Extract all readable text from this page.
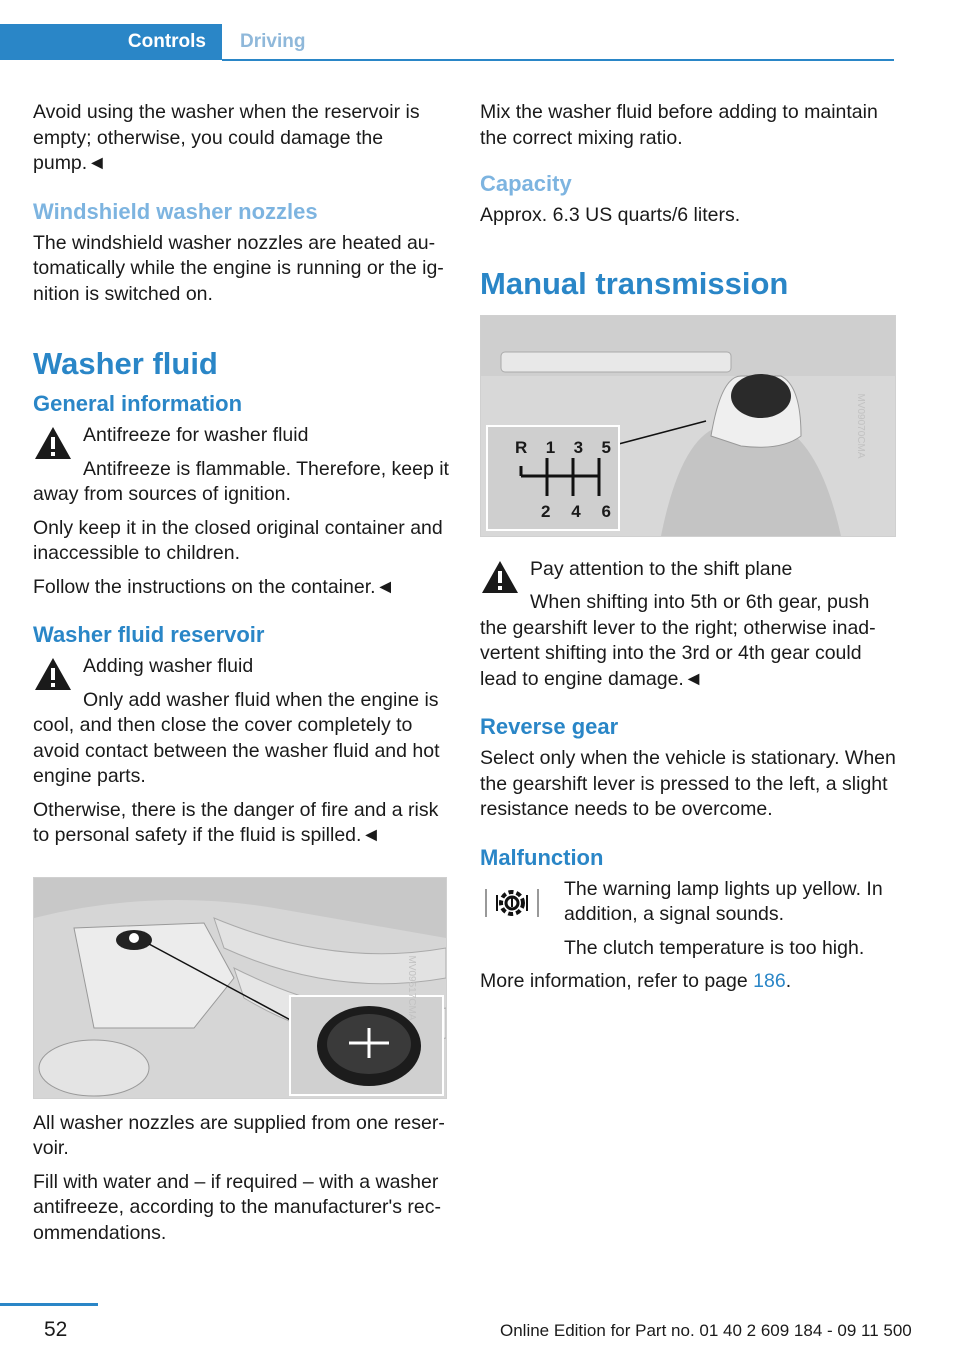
Controls	Driving

Avoid using the washer when the reservoir is empty; otherwise, you could damage the pump.◄

Windshield washer nozzles

The windshield washer nozzles are heated au-tomatically while the engine is running or the ig-nition is switched on.

Washer fluid
General information

Antifreeze for washer fluid

Antifreeze is flammable. Therefore, keep it away from sources of ignition.

Only keep it in the closed original container and inaccessible to children.

Follow the instructions on the container.◄

Washer fluid reservoir

Adding washer fluid

Only add washer fluid when the engine is cool, and then close the cover completely to avoid contact between the washer fluid and hot engine parts.

Otherwise, there is the danger of fire and a risk to personal safety if the fluid is spilled.◄

MV09517CMA

All washer nozzles are supplied from one reser-voir.

Fill with water and – if required – with a washer antifreeze, according to the manufacturer's rec-ommendations.

Mix the washer fluid before adding to maintain the correct mixing ratio.

Capacity

Approx. 6.3 US quarts/6 liters.

Manual transmission
R 1 3 5
2 4 6
MV09070CMA

Pay attention to the shift plane

When shifting into 5th or 6th gear, push the gearshift lever to the right; otherwise inad-vertent shifting into the 3rd or 4th gear could lead to engine damage.◄

Reverse gear

Select only when the vehicle is stationary. When the gearshift lever is pressed to the left, a slight resistance needs to be overcome.

Malfunction

The warning lamp lights up yellow. In addition, a signal sounds.

The clutch temperature is too high.

More information, refer to page 186.

52	Online Edition for Part no. 01 40 2 609 184 - 09 11 500
